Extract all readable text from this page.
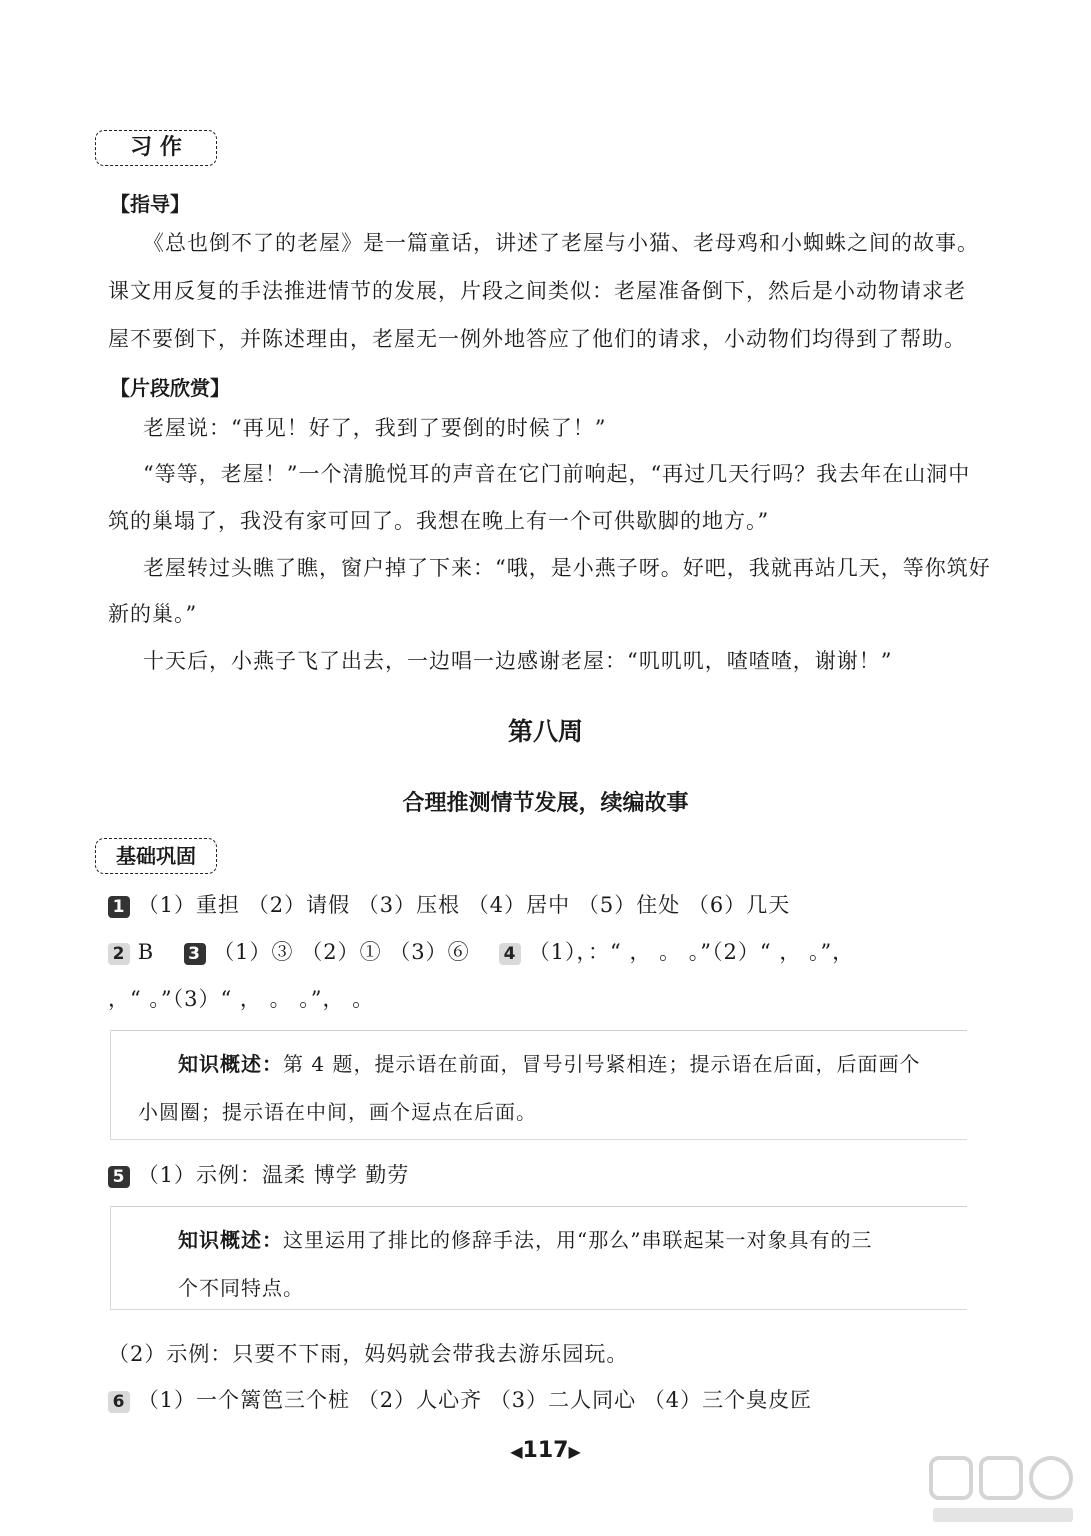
习 作
【指导】
《总也倒不了的老屋》是一篇童话，讲述了老屋与小猫、老母鸡和小蜘蛛之间的故事。
课文用反复的手法推进情节的发展，片段之间类似：老屋准备倒下，然后是小动物请求老
屋不要倒下，并陈述理由，老屋无一例外地答应了他们的请求，小动物们均得到了帮助。
【片段欣赏】
老屋说：“再见！好了，我到了要倒的时候了！”
“等等，老屋！”一个清脆悦耳的声音在它门前响起，“再过几天行吗？我去年在山洞中
筑的巢塌了，我没有家可回了。我想在晚上有一个可供歇脚的地方。”
老屋转过头瞧了瞧，窗户掉了下来：“哦，是小燕子呀。好吧，我就再站几天，等你筑好
新的巢。”
十天后，小燕子飞了出去，一边唱一边感谢老屋：“叽叽叽，喳喳喳，谢谢！”
第八周
合理推测情节发展，续编故事
基础巩固
1 （1）重担 （2）请假 （3）压根 （4）居中 （5）住处 （6）几天
2 B 3 （1）③ （2）① （3）⑥ 4 （1），：“ ， 。 。”（2）“ ， 。”，
，“ 。”（3）“ ， 。 。”， 。
知识概述：第 4 题，提示语在前面，冒号引号紧相连；提示语在后面，后面画个
小圆圈；提示语在中间，画个逗点在后面。
5 （1）示例：温柔 博学 勤劳
知识概述：这里运用了排比的修辞手法，用“那么”串联起某一对象具有的三
个不同特点。
（2）示例：只要不下雨，妈妈就会带我去游乐园玩。
6 （1）一个篱笆三个桩 （2）人心齐 （3）二人同心 （4）三个臭皮匠
◀117▶
